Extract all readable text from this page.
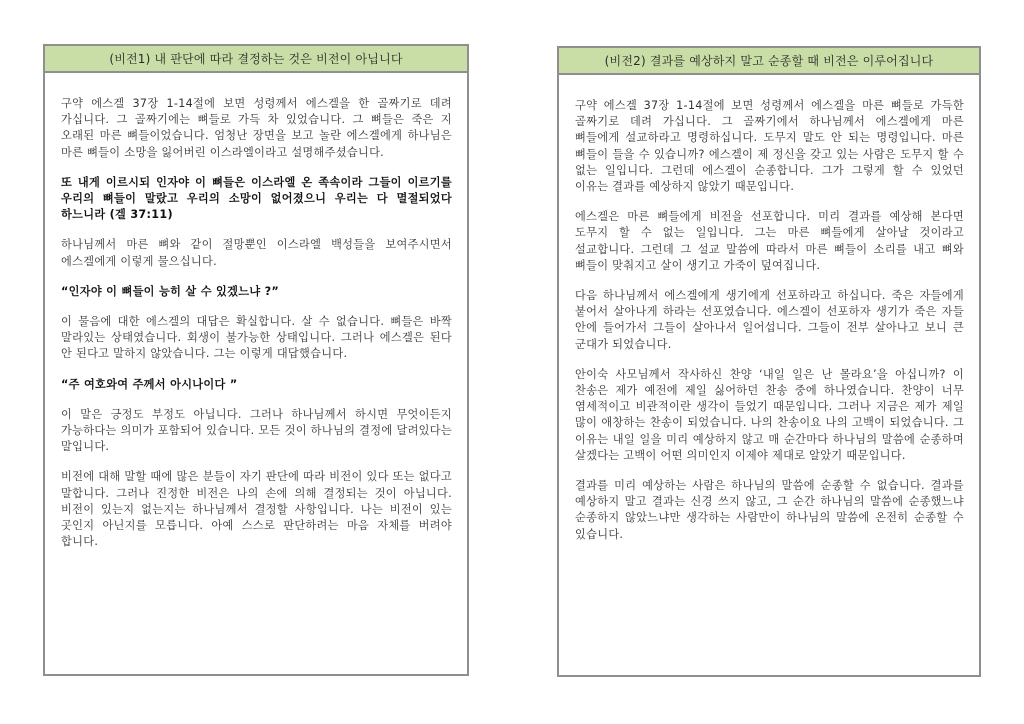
(비전1) 내 판단에 따라 결정하는 것은 비전이 아닙니다

구약 에스겔 37장 1-14절에 보면 성령께서 에스겔을 한 골짜기로 데려 가십니다. 그 골짜기에는 뼈들로 가득 차 있었습니다. 그 뼈들은 죽은 지 오래된 마른 뼈들이었습니다. 엄청난 장면을 보고 놀란 에스겔에게 하나님은 마른 뼈들이 소망을 잃어버린 이스라엘이라고 설명해주셨습니다.

또 내게 이르시되 인자야 이 뼈들은 이스라엘 온 족속이라 그들이 이르기를 우리의 뼈들이 말랐고 우리의 소망이 없어졌으니 우리는 다 멸절되었다 하느니라 (겔 37:11)

하나님께서 마른 뼈와 같이 절망뿐인 이스라엘 백성들을 보여주시면서 에스겔에게 이렇게 물으십니다.

“인자야 이 뼈들이 능히 살 수 있겠느냐 ?”

이 물음에 대한 에스겔의 대답은 확실합니다. 살 수 없습니다. 뼈들은 바짝 말라있는 상태였습니다. 회생이 불가능한 상태입니다. 그러나 에스겔은 된다 안 된다고 말하지 않았습니다. 그는 이렇게 대답했습니다.

“주 여호와여 주께서 아시나이다 ”

이 말은 긍정도 부정도 아닙니다. 그러나 하나님께서 하시면 무엇이든지 가능하다는 의미가 포함되어 있습니다. 모든 것이 하나님의 결정에 달려있다는 말입니다.

비전에 대해 말할 때에 많은 분들이 자기 판단에 따라 비전이 있다 또는 없다고 말합니다. 그러나 진정한 비전은 나의 손에 의해 결정되는 것이 아닙니다. 비전이 있는지 없는지는 하나님께서 결정할 사항입니다. 나는 비전이 있는 곳인지 아닌지를 모릅니다. 아예 스스로 판단하려는 마음 자체를 버려야 합니다.

(비전2) 결과를 예상하지 말고 순종할 때 비전은 이루어집니다

구약 에스겔 37장 1-14절에 보면 성령께서 에스겔을 마른 뼈들로 가득한 골짜기로 데려 가십니다. 그 골짜기에서 하나님께서 에스겔에게 마른 뼈들에게 설교하라고 명령하십니다. 도무지 말도 안 되는 명령입니다. 마른 뼈들이 들을 수 있습니까? 에스겔이 제 정신을 갖고 있는 사람은 도무지 할 수 없는 일입니다. 그런데 에스겔이 순종합니다. 그가 그렇게 할 수 있었던 이유는 결과를 예상하지 않았기 때문입니다.

에스겔은 마른 뼈들에게 비전을 선포합니다. 미리 결과를 예상해 본다면 도무지 할 수 없는 일입니다. 그는 마른 뼈들에게 살아날 것이라고 설교합니다. 그런데 그 설교 말씀에 따라서 마른 뼈들이 소리를 내고 뼈와 뼈들이 맞춰지고 살이 생기고 가죽이 덮여집니다.

다음 하나님께서 에스겔에게 생기에게 선포하라고 하십니다. 죽은 자들에게 붙어서 살아나게 하라는 선포였습니다. 에스겔이 선포하자 생기가 죽은 자들 안에 들어가서 그들이 살아나서 일어섭니다. 그들이 전부 살아나고 보니 큰 군대가 되었습니다.

안이숙 사모님께서 작사하신 찬양 ‘내일 일은 난 몰라요’을 아십니까? 이 찬송은 제가 예전에 제일 싫어하던 찬송 중에 하나였습니다. 찬양이 너무 염세적이고 비관적이란 생각이 들었기 때문입니다. 그러나 지금은 제가 제일 많이 애창하는 찬송이 되었습니다. 나의 찬송이요 나의 고백이 되었습니다. 그 이유는 내일 일을 미리 예상하지 않고 매 순간마다 하나님의 말씀에 순종하며 살겠다는 고백이 어떤 의미인지 이제야 제대로 알았기 때문입니다.

결과를 미리 예상하는 사람은 하나님의 말씀에 순종할 수 없습니다. 결과를 예상하지 말고 결과는 신경 쓰지 않고, 그 순간 하나님의 말씀에 순종했느냐 순종하지 않았느냐만 생각하는 사람만이 하나님의 말씀에 온전히 순종할 수 있습니다.
